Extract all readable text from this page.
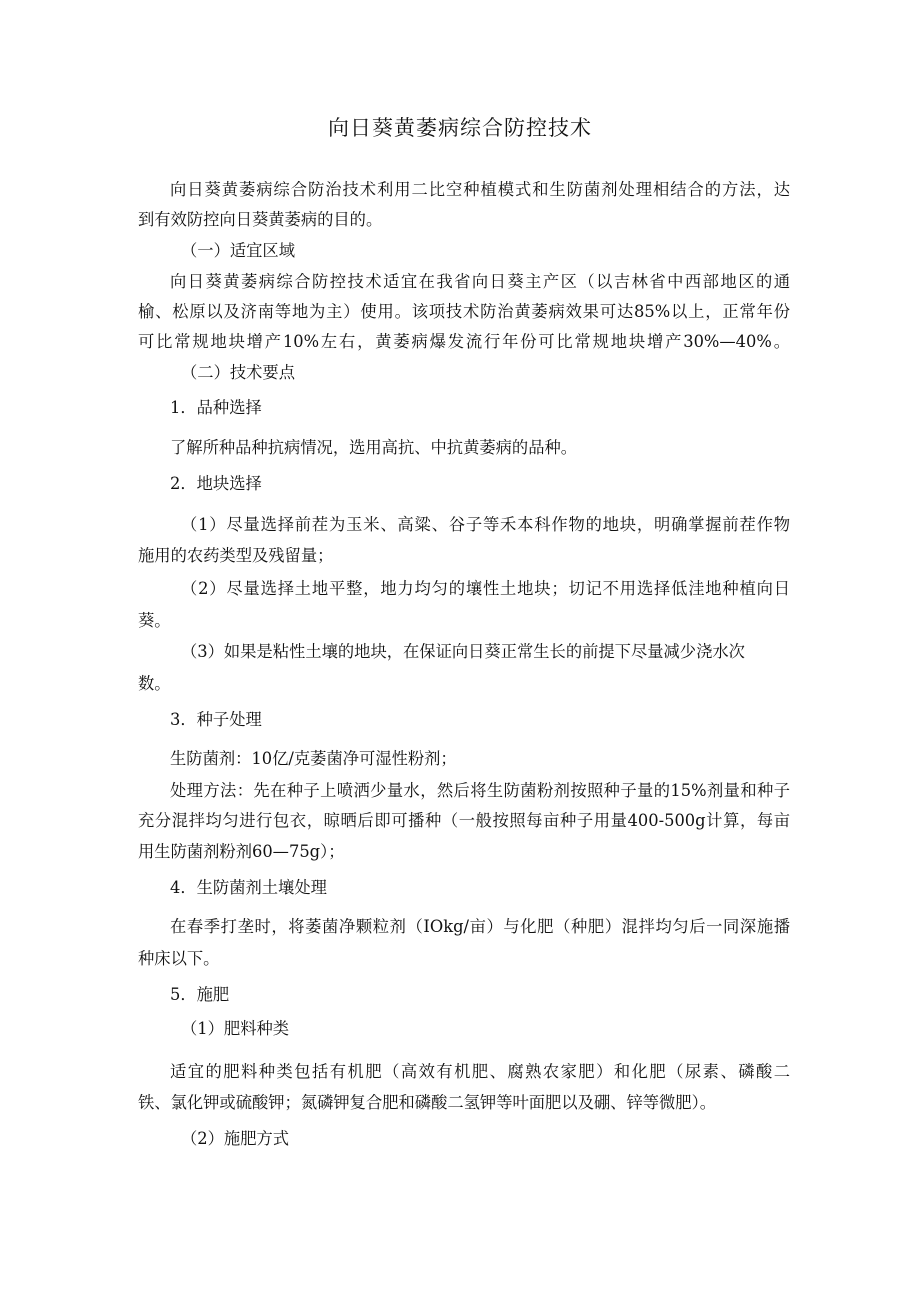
向日葵黄萎病综合防控技术

向日葵黄萎病综合防治技术利用二比空种植模式和生防菌剂处理相结合的方法，达

到有效防控向日葵黄萎病的目的。

（一）适宜区域

向日葵黄萎病综合防控技术适宜在我省向日葵主产区（以吉林省中西部地区的通

榆、松原以及济南等地为主）使用。该项技术防治黄萎病效果可达85%以上，正常年份

可比常规地块增产10%左右，黄萎病爆发流行年份可比常规地块增产30%—40%。

（二）技术要点

1．品种选择

了解所种品种抗病情况，选用高抗、中抗黄萎病的品种。

2．地块选择

（1）尽量选择前茬为玉米、高粱、谷子等禾本科作物的地块，明确掌握前茬作物

施用的农药类型及残留量；

（2）尽量选择土地平整，地力均匀的壤性土地块；切记不用选择低洼地种植向日

葵。

（3）如果是粘性土壤的地块，在保证向日葵正常生长的前提下尽量减少浇水次

数。

3．种子处理

生防菌剂：10亿/克萎菌净可湿性粉剂；

处理方法：先在种子上喷洒少量水，然后将生防菌粉剂按照种子量的15%剂量和种子

充分混拌均匀进行包衣，晾晒后即可播种（一般按照每亩种子用量400-500g计算，每亩

用生防菌剂粉剂60—75g）；

4．生防菌剂土壤处理

在春季打垄时，将萎菌净颗粒剂（IOkg/亩）与化肥（种肥）混拌均匀后一同深施播

种床以下。

5．施肥

（1）肥料种类

适宜的肥料种类包括有机肥（高效有机肥、腐熟农家肥）和化肥（尿素、磷酸二

铁、氯化钾或硫酸钾；氮磷钾复合肥和磷酸二氢钾等叶面肥以及硼、锌等微肥）。

（2）施肥方式
